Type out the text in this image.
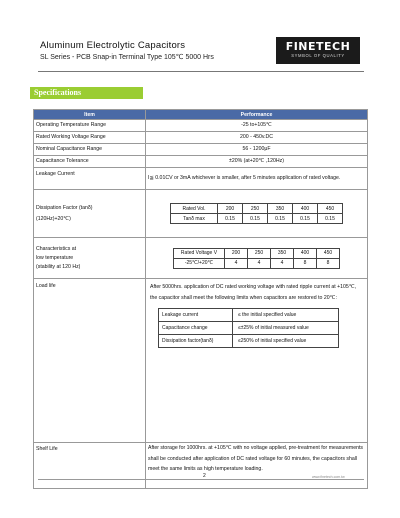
Aluminum Electrolytic Capacitors
SL Series - PCB Snap-in Terminal Type 105℃ 5000 Hrs
FINETECH
SYMBOL OF QUALITY
Specifications
Item	Performance
Operating Temperature Range	-25 to+105℃
Rated Working Voltage Range	200 - 450v.DC
Nominal Capacitance Range	56 - 1200μF
Capacitance Tolerance	±20% (at+20℃ ,120Hz)
Leakage Current	I≦ 0.01CV or 3mA whichever is smaller, after 5 minutes application of rated voltage.

Dissipation Factor (tanδ)
(120Hz)+20℃)

Rated Vol.	200	250	350	400	450
Tanδ max	0.15	0.15	0.15	0.15	0.15

Characteristics at
low temperature
(stability at 120 Hz)

Rated Voltage V	200	250	350	400	450
-25℃/+20℃	4	4	4	8	8

Load life	After 5000hrs. application of DC rated working voltage with rated ripple current at +105℃, the capacitor shall meet the following limits when capacitors are restored to 20℃:
Leakage current	≤ the initial specified value
Capacitance change	≤±25% of initial measured value
Dissipation factor(tanδ)	≤250% of initial specified value

Shelf Life	After storage for 1000hrs. at +105℃ with no voltage applied, pre-treatment for measurements shall be conducted after application of DC rated voltage for 60 minutes, the capacitors shall meet the same limits as high temperature loading.
2	www.finetech.com.tw
